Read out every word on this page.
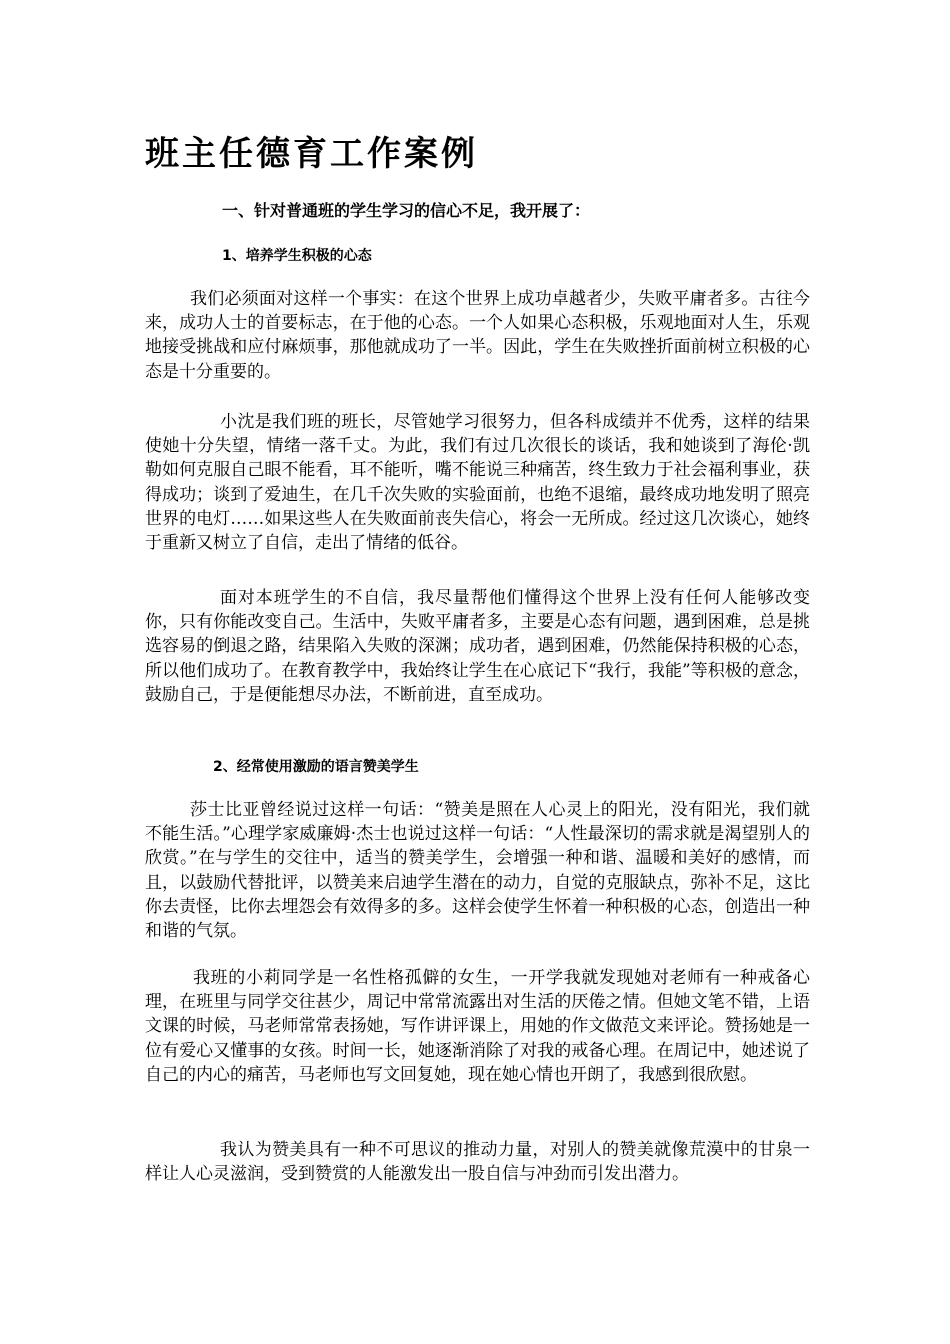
班主任德育工作案例
一、针对普通班的学生学习的信心不足，我开展了：
1、培养学生积极的心态

我们必须面对这样一个事实：在这个世界上成功卓越者少，失败平庸者多。古往今来，成功人士的首要标志，在于他的心态。一个人如果心态积极，乐观地面对人生，乐观地接受挑战和应付麻烦事，那他就成功了一半。因此，学生在失败挫折面前树立积极的心态是十分重要的。

小沈是我们班的班长，尽管她学习很努力，但各科成绩并不优秀，这样的结果使她十分失望，情绪一落千丈。为此，我们有过几次很长的谈话，我和她谈到了海伦·凯勒如何克服自己眼不能看，耳不能听，嘴不能说三种痛苦，终生致力于社会福利事业，获得成功；谈到了爱迪生，在几千次失败的实验面前，也绝不退缩，最终成功地发明了照亮世界的电灯……如果这些人在失败面前丧失信心，将会一无所成。经过这几次谈心，她终于重新又树立了自信，走出了情绪的低谷。

面对本班学生的不自信，我尽量帮他们懂得这个世界上没有任何人能够改变你，只有你能改变自己。生活中，失败平庸者多，主要是心态有问题，遇到困难，总是挑选容易的倒退之路，结果陷入失败的深渊；成功者，遇到困难，仍然能保持积极的心态，所以他们成功了。在教育教学中，我始终让学生在心底记下“我行，我能”等积极的意念，鼓励自己，于是便能想尽办法，不断前进，直至成功。

2、经常使用激励的语言赞美学生

莎士比亚曾经说过这样一句话：“赞美是照在人心灵上的阳光，没有阳光，我们就不能生活。”心理学家威廉姆·杰士也说过这样一句话：“人性最深切的需求就是渴望别人的欣赏。”在与学生的交往中，适当的赞美学生，会增强一种和谐、温暖和美好的感情，而且，以鼓励代替批评，以赞美来启迪学生潜在的动力，自觉的克服缺点，弥补不足，这比你去责怪，比你去埋怨会有效得多的多。这样会使学生怀着一种积极的心态，创造出一种和谐的气氛。

我班的小莉同学是一名性格孤僻的女生，一开学我就发现她对老师有一种戒备心理，在班里与同学交往甚少，周记中常常流露出对生活的厌倦之情。但她文笔不错，上语文课的时候，马老师常常表扬她，写作讲评课上，用她的作文做范文来评论。赞扬她是一位有爱心又懂事的女孩。时间一长，她逐渐消除了对我的戒备心理。在周记中，她述说了自己的内心的痛苦，马老师也写文回复她，现在她心情也开朗了，我感到很欣慰。

我认为赞美具有一种不可思议的推动力量，对别人的赞美就像荒漠中的甘泉一样让人心灵滋润，受到赞赏的人能激发出一股自信与冲劲而引发出潜力。
